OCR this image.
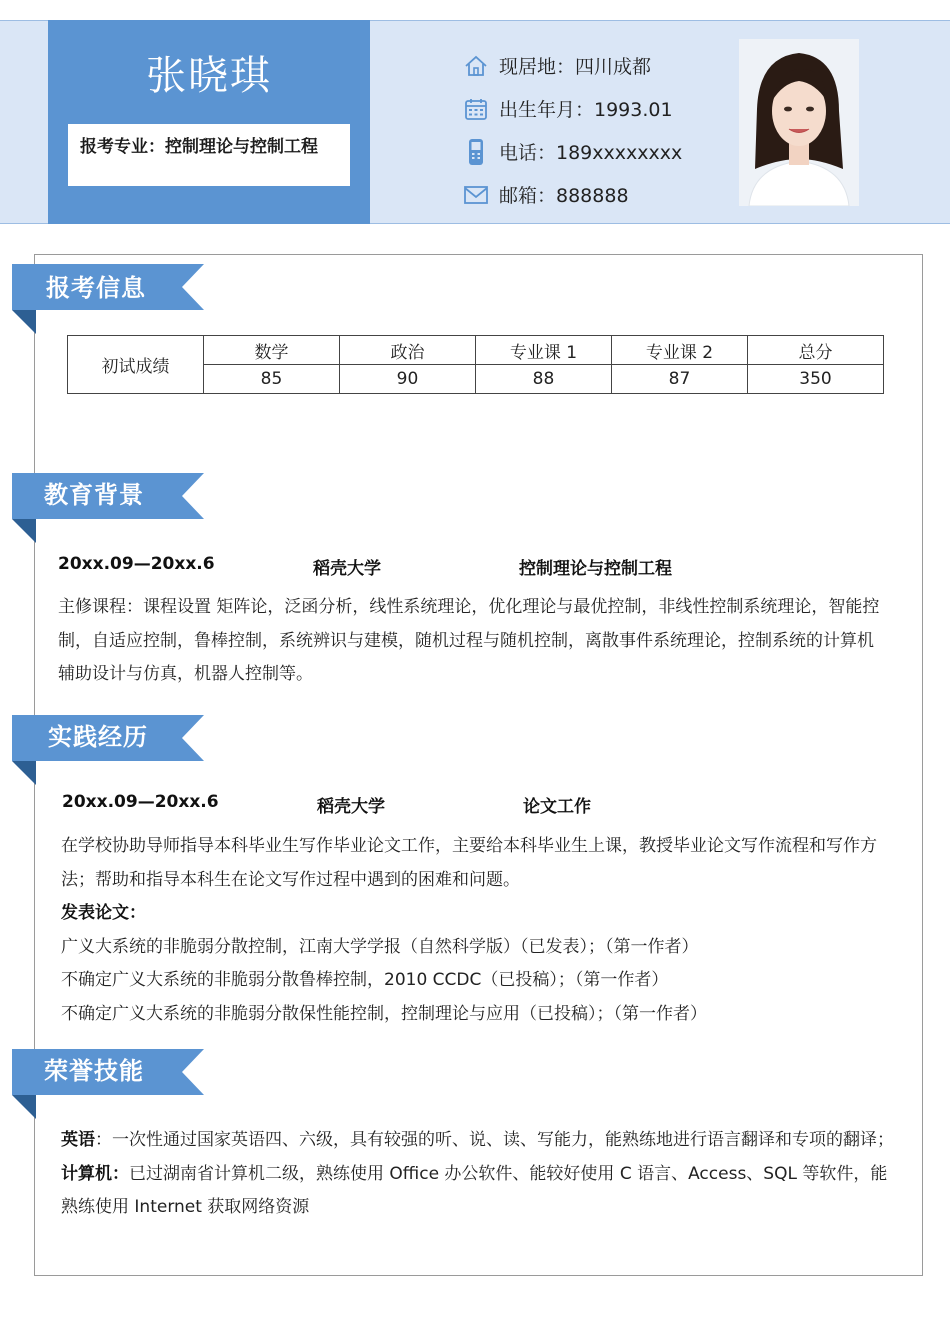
张晓琪
报考专业：控制理论与控制工程
现居地：四川成都
出生年月：1993.01
电话：189xxxxxxxx
邮箱：888888
报考信息
初试成绩	数学	政治	专业课 1	专业课 2	总分
	85	90	88	87	350
教育背景
20xx.09—20xx.6	稻壳大学	控制理论与控制工程
主修课程：课程设置 矩阵论，泛函分析，线性系统理论，优化理论与最优控制，非线性控制系统理论，智能控制，自适应控制，鲁棒控制，系统辨识与建模，随机过程与随机控制，离散事件系统理论，控制系统的计算机辅助设计与仿真，机器人控制等。
实践经历
20xx.09—20xx.6	稻壳大学	论文工作
在学校协助导师指导本科毕业生写作毕业论文工作，主要给本科毕业生上课，教授毕业论文写作流程和写作方法；帮助和指导本科生在论文写作过程中遇到的困难和问题。
发表论文：
广义大系统的非脆弱分散控制，江南大学学报（自然科学版）（已发表）；（第一作者）
不确定广义大系统的非脆弱分散鲁棒控制，2010 CCDC（已投稿）；（第一作者）
不确定广义大系统的非脆弱分散保性能控制，控制理论与应用（已投稿）；（第一作者）
荣誉技能
英语：一次性通过国家英语四、六级，具有较强的听、说、读、写能力，能熟练地进行语言翻译和专项的翻译；
计算机：已过湖南省计算机二级，熟练使用 Office 办公软件、能较好使用 C 语言、Access、SQL 等软件，能熟练使用 Internet 获取网络资源
